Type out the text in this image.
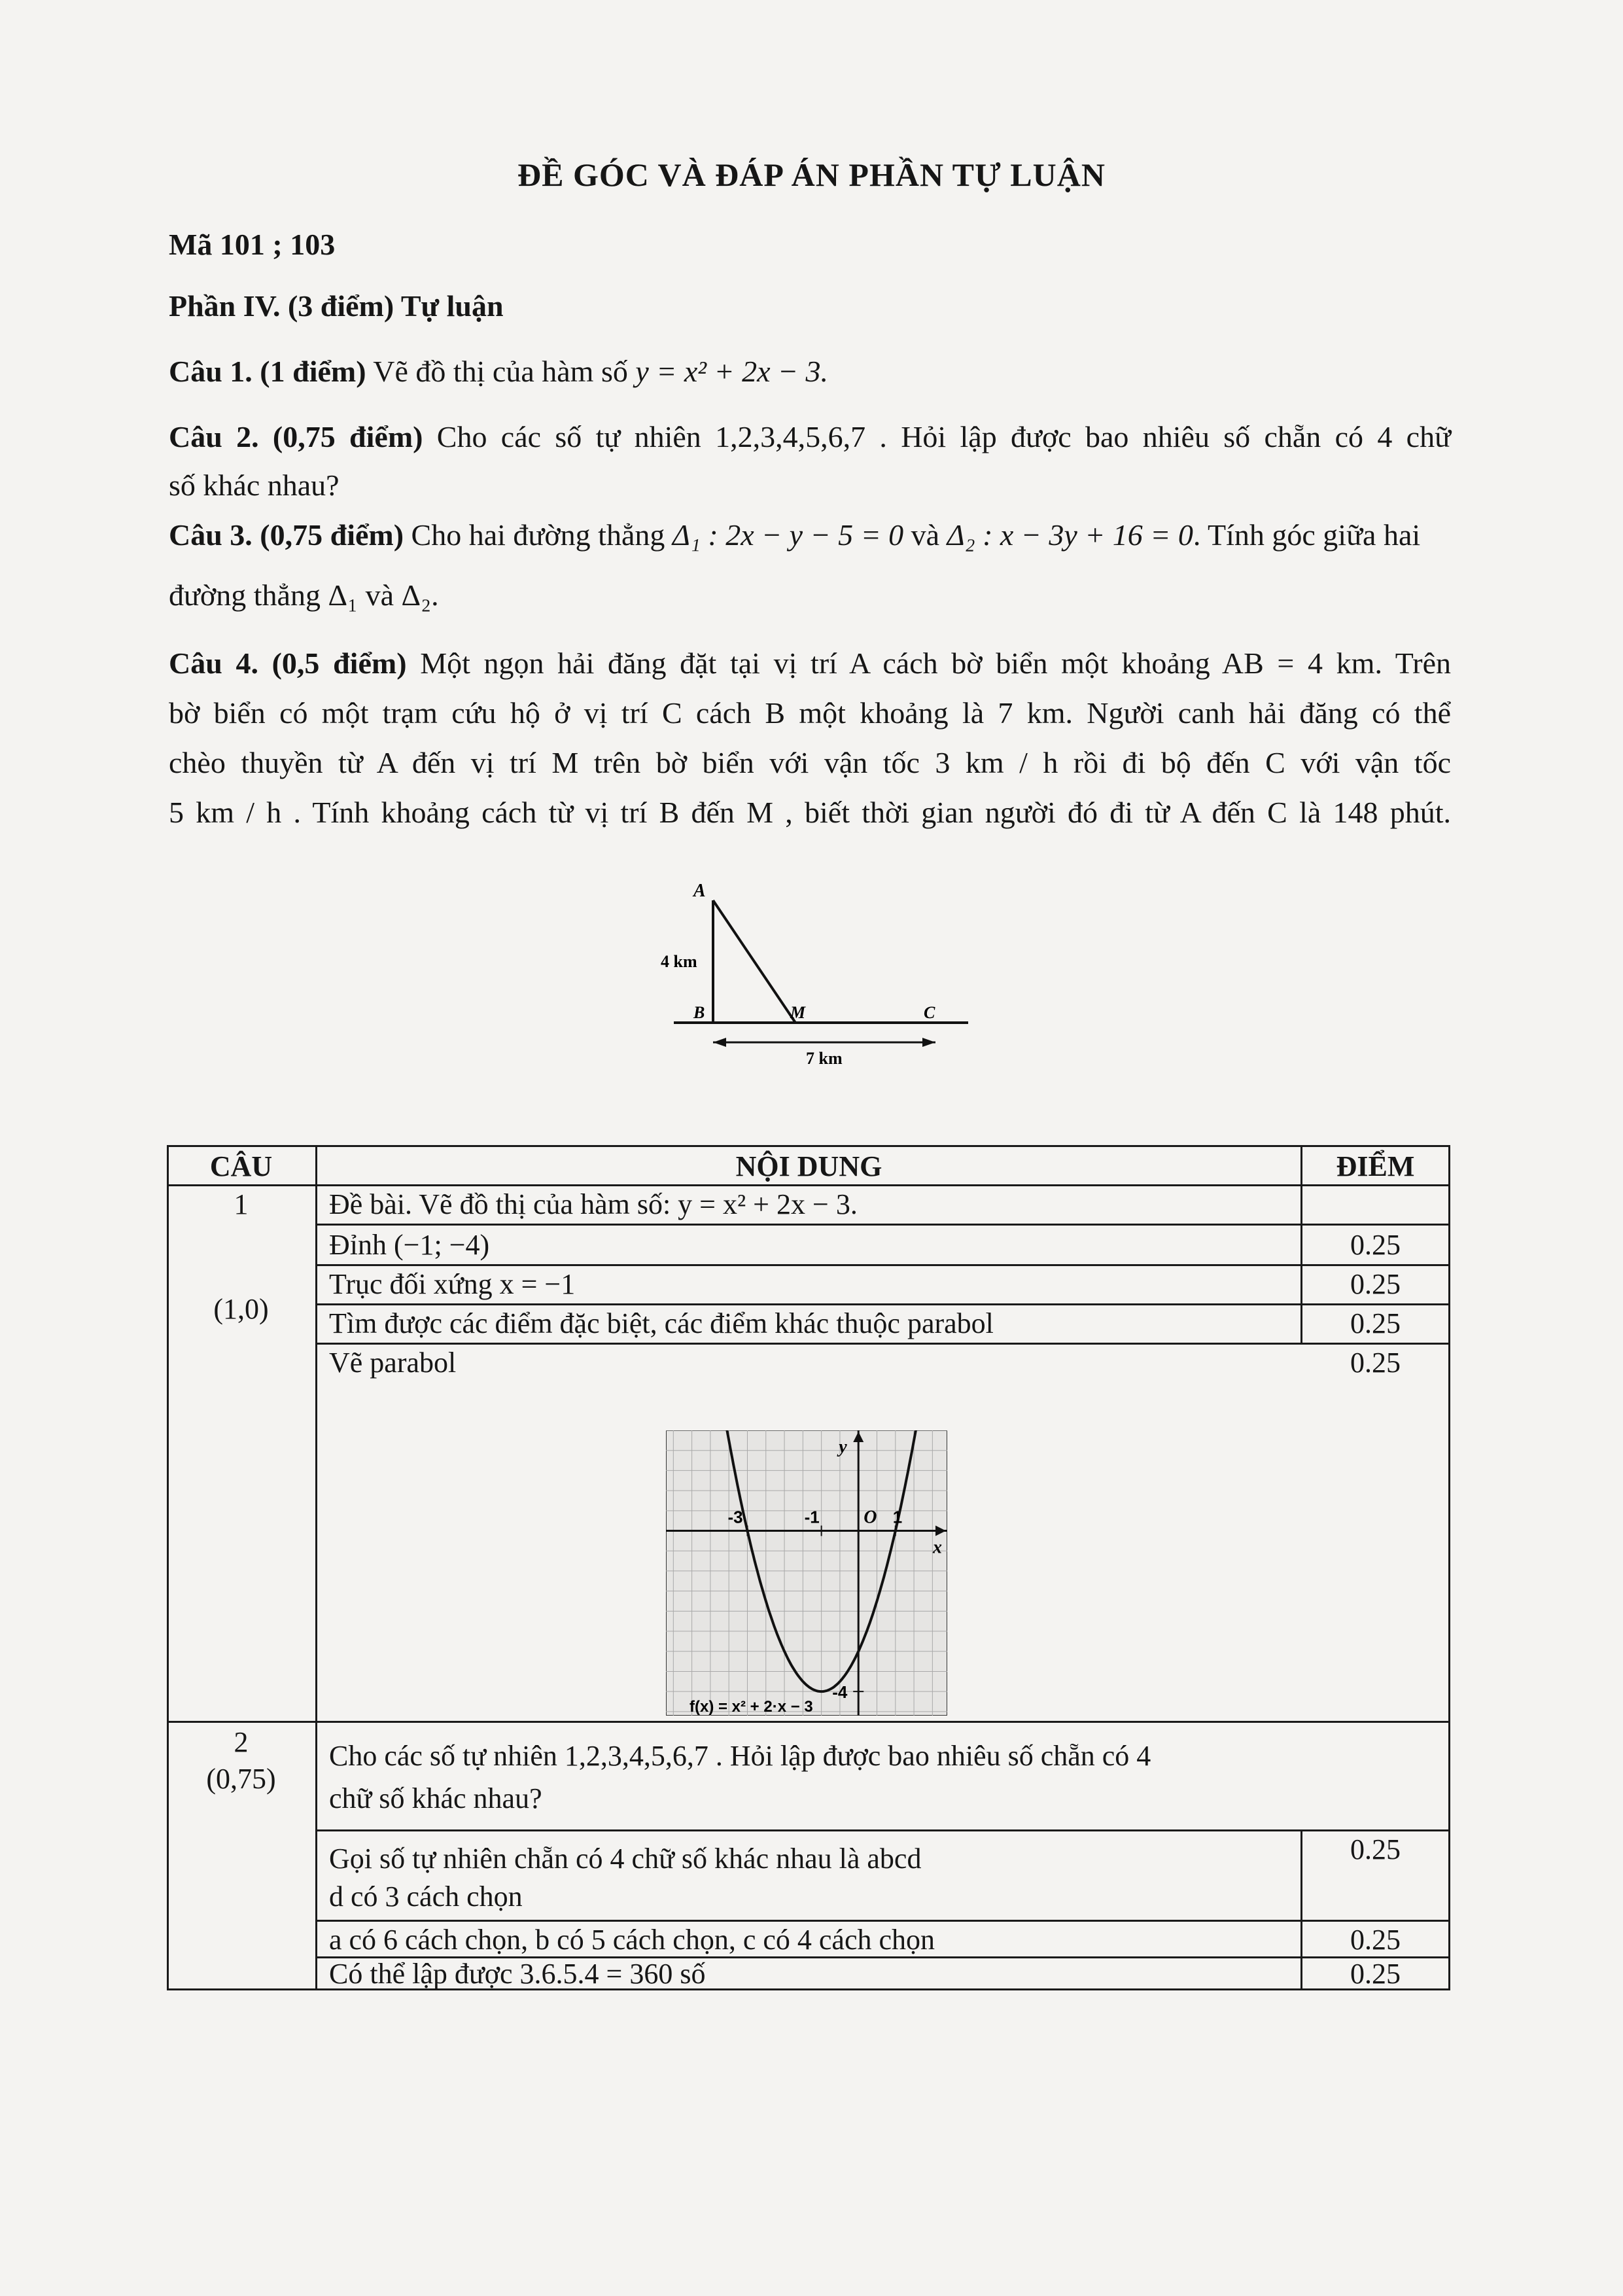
ĐỀ GÓC VÀ ĐÁP ÁN PHẦN TỰ LUẬN
Mã 101 ; 103
Phần IV. (3 điểm) Tự luận
Câu 1. (1 điểm) Vẽ đồ thị của hàm số y = x² + 2x − 3.
Câu 2. (0,75 điểm) Cho các số tự nhiên 1,2,3,4,5,6,7 . Hỏi lập được bao nhiêu số chẵn có 4 chữ
số khác nhau?
Câu 3. (0,75 điểm) Cho hai đường thẳng Δ₁ : 2x − y − 5 = 0 và Δ₂ : x − 3y + 16 = 0. Tính góc giữa hai
đường thẳng Δ₁ và Δ₂.
Câu 4. (0,5 điểm) Một ngọn hải đăng đặt tại vị trí A cách bờ biển một khoảng AB = 4 km. Trên
bờ biển có một trạm cứu hộ ở vị trí C cách B một khoảng là 7 km. Người canh hải đăng có thể
chèo thuyền từ A đến vị trí M trên bờ biển với vận tốc 3 km / h rồi đi bộ đến C với vận tốc
5 km / h . Tính khoảng cách từ vị trí B đến M , biết thời gian người đó đi từ A đến C là 148 phút.
A
B	M	C
4 km
7 km
CÂU	NỘI DUNG	ĐIỂM
1
(1,0)
Đề bài. Vẽ đồ thị của hàm số: y = x² + 2x − 3.
Đỉnh (−1; −4)	0.25
Trục đối xứng x = −1	0.25
Tìm được các điểm đặc biệt, các điểm khác thuộc parabol	0.25
Vẽ parabol	0.25
2
(0,75)
Cho các số tự nhiên 1,2,3,4,5,6,7 . Hỏi lập được bao nhiêu số chẵn có 4
chữ số khác nhau?
Gọi số tự nhiên chẵn có 4 chữ số khác nhau là abcd
d có 3 cách chọn
0.25
a có 6 cách chọn, b có 5 cách chọn, c có 4 cách chọn	0.25
Có thể lập được 3.6.5.4 = 360 số	0.25
y
x
O
-3	-1	1
-4
f(x) = x² + 2·x − 3
